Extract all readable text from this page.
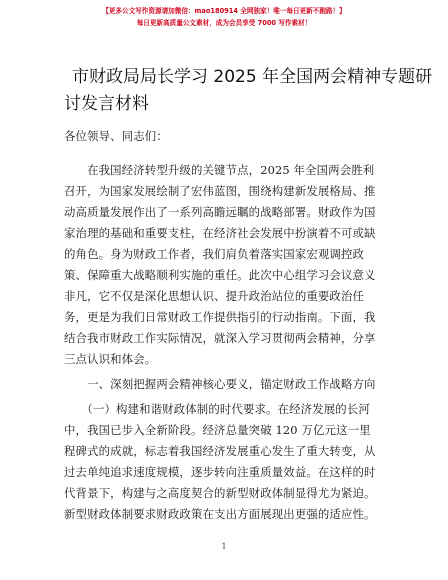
【更多公文写作资源请加微信：mao180914 全网独家！唯一每日更新不跑路！】
每日更新高质量公文素材，成为会员享受 7000 写作素材！
市财政局局长学习 2025 年全国两会精神专题研
讨发言材料
各位领导、同志们：
　　在我国经济转型升级的关键节点，2025 年全国两会胜利
召开，为国家发展绘制了宏伟蓝图，围绕构建新发展格局、推
动高质量发展作出了一系列高瞻远瞩的战略部署。财政作为国
家治理的基础和重要支柱，在经济社会发展中扮演着不可或缺
的角色。身为财政工作者，我们肩负着落实国家宏观调控政
策、保障重大战略顺利实施的重任。此次中心组学习会议意义
非凡，它不仅是深化思想认识、提升政治站位的重要政治任
务，更是为我们日常财政工作提供指引的行动指南。下面，我
结合我市财政工作实际情况，就深入学习贯彻两会精神，分享
三点认识和体会。
　　一、深刻把握两会精神核心要义，锚定财政工作战略方向
　　（一）构建和谐财政体制的时代要求。在经济发展的长河
中，我国已步入全新阶段。经济总量突破 120 万亿元这一里
程碑式的成就，标志着我国经济发展重心发生了重大转变，从
过去单纯追求速度规模，逐步转向注重质量效益。在这样的时
代背景下，构建与之高度契合的新型财政体制显得尤为紧迫。
新型财政体制要求财政政策在支出方面展现出更强的适应性。
1
